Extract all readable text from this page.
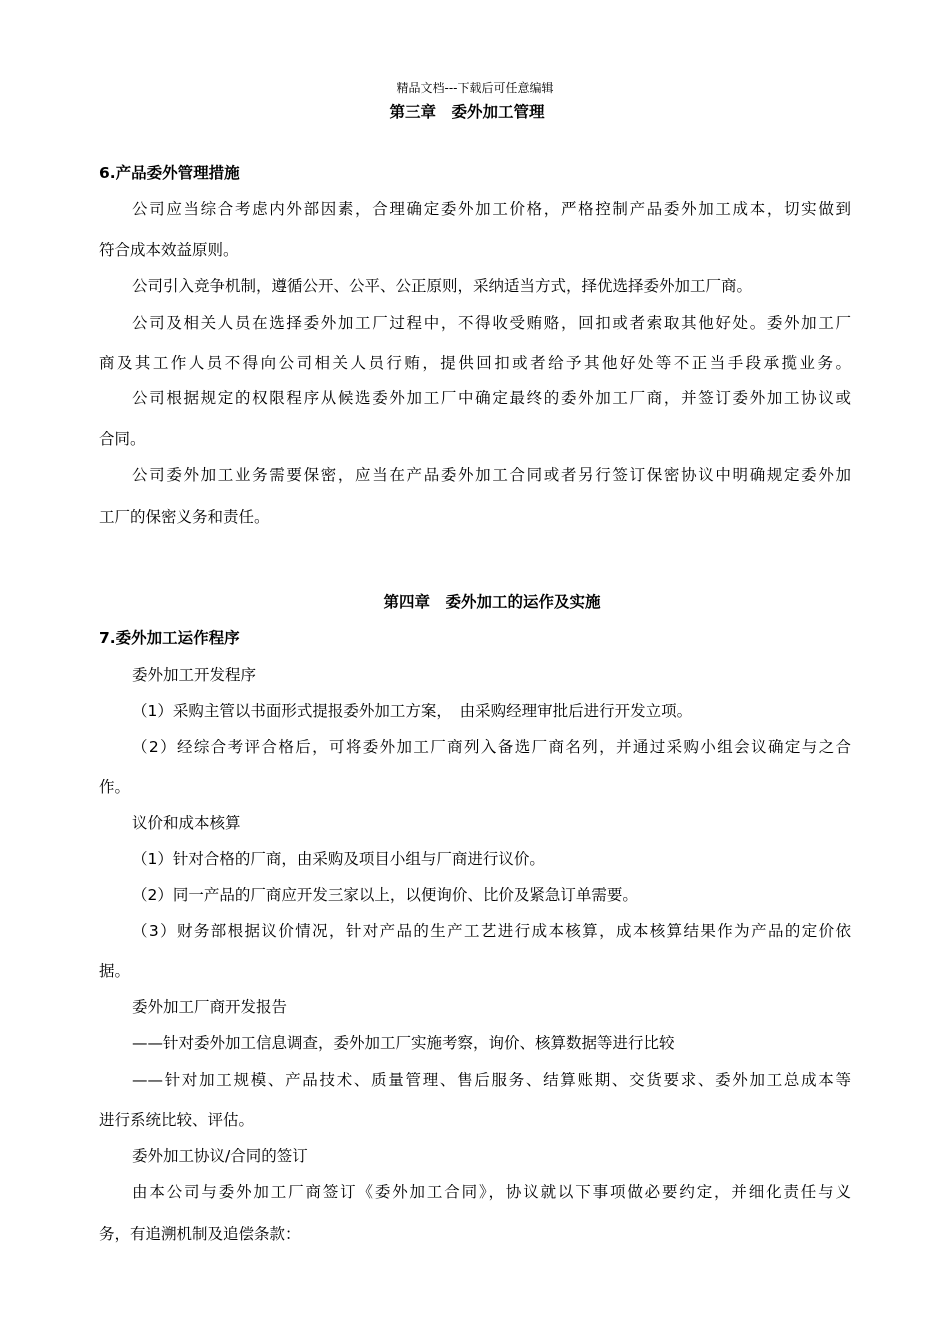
精品文档---下载后可任意编辑
第三章　委外加工管理
6.产品委外管理措施
公司应当综合考虑内外部因素，合理确定委外加工价格，严格控制产品委外加工成本，切实做到
符合成本效益原则。
公司引入竞争机制，遵循公开、公平、公正原则，采纳适当方式，择优选择委外加工厂商。
公司及相关人员在选择委外加工厂过程中，不得收受贿赂，回扣或者索取其他好处。委外加工厂
商及其工作人员不得向公司相关人员行贿，提供回扣或者给予其他好处等不正当手段承揽业务。
公司根据规定的权限程序从候选委外加工厂中确定最终的委外加工厂商，并签订委外加工协议或
合同。
公司委外加工业务需要保密，应当在产品委外加工合同或者另行签订保密协议中明确规定委外加
工厂的保密义务和责任。
第四章　委外加工的运作及实施
7.委外加工运作程序
委外加工开发程序
（1）采购主管以书面形式提报委外加工方案，　由采购经理审批后进行开发立项。
（2）经综合考评合格后，可将委外加工厂商列入备选厂商名列，并通过采购小组会议确定与之合
作。
议价和成本核算
（1）针对合格的厂商，由采购及项目小组与厂商进行议价。
（2）同一产品的厂商应开发三家以上，以便询价、比价及紧急订单需要。
（3）财务部根据议价情况，针对产品的生产工艺进行成本核算，成本核算结果作为产品的定价依
据。
委外加工厂商开发报告
——针对委外加工信息调查，委外加工厂实施考察，询价、核算数据等进行比较
——针对加工规模、产品技术、质量管理、售后服务、结算账期、交货要求、委外加工总成本等
进行系统比较、评估。
委外加工协议/合同的签订
由本公司与委外加工厂商签订《委外加工合同》，协议就以下事项做必要约定，并细化责任与义
务，有追溯机制及追偿条款：
